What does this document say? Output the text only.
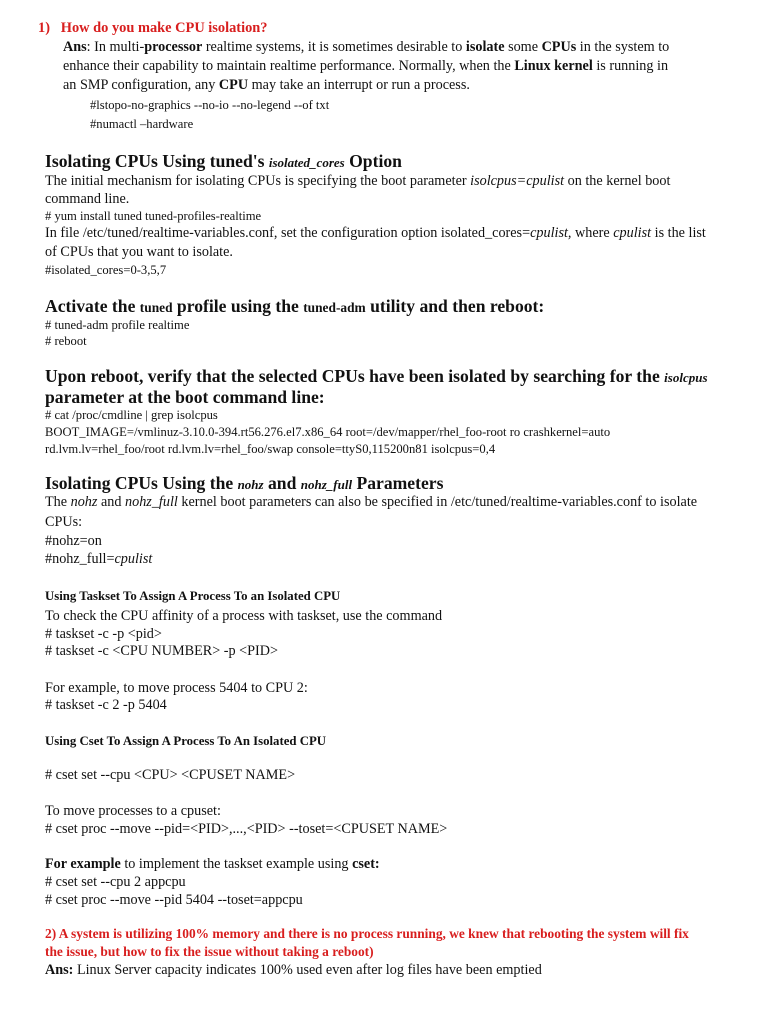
1) How do you make CPU isolation?
Ans: In multi-processor realtime systems, it is sometimes desirable to isolate some CPUs in the system to
enhance their capability to maintain realtime performance. Normally, when the Linux kernel is running in
an SMP configuration, any CPU may take an interrupt or run a process.
#lstopo-no-graphics --no-io --no-legend --of txt
#numactl –hardware
Isolating CPUs Using tuned's isolated_cores Option
The initial mechanism for isolating CPUs is specifying the boot parameter isolcpus=cpulist on the kernel boot
command line.
# yum install tuned tuned-profiles-realtime
In file /etc/tuned/realtime-variables.conf, set the configuration option isolated_cores=cpulist, where cpulist is the list
of CPUs that you want to isolate.
#isolated_cores=0-3,5,7
Activate the tuned profile using the tuned-adm utility and then reboot:
# tuned-adm profile realtime
# reboot
Upon reboot, verify that the selected CPUs have been isolated by searching for the isolcpus
parameter at the boot command line:
# cat /proc/cmdline | grep isolcpus
BOOT_IMAGE=/vmlinuz-3.10.0-394.rt56.276.el7.x86_64 root=/dev/mapper/rhel_foo-root ro crashkernel=auto
rd.lvm.lv=rhel_foo/root rd.lvm.lv=rhel_foo/swap console=ttyS0,115200n81 isolcpus=0,4
Isolating CPUs Using the nohz and nohz_full Parameters
The nohz and nohz_full kernel boot parameters can also be specified in /etc/tuned/realtime-variables.conf to isolate
CPUs:
#nohz=on
#nohz_full=cpulist
Using Taskset To Assign A Process To an Isolated CPU
To check the CPU affinity of a process with taskset, use the command
# taskset -c -p <pid>
# taskset -c <CPU NUMBER> -p <PID>
For example, to move process 5404 to CPU 2:
# taskset -c 2 -p 5404
Using Cset To Assign A Process To An Isolated CPU
# cset set --cpu <CPU> <CPUSET NAME>
To move processes to a cpuset:
# cset proc --move --pid=<PID>,...,<PID> --toset=<CPUSET NAME>
For example to implement the taskset example using cset:
# cset set --cpu 2 appcpu
# cset proc --move --pid 5404 --toset=appcpu
2) A system is utilizing 100% memory and there is no process running, we knew that rebooting the system will fix
the issue, but how to fix the issue without taking a reboot)
Ans: Linux Server capacity indicates 100% used even after log files have been emptied
